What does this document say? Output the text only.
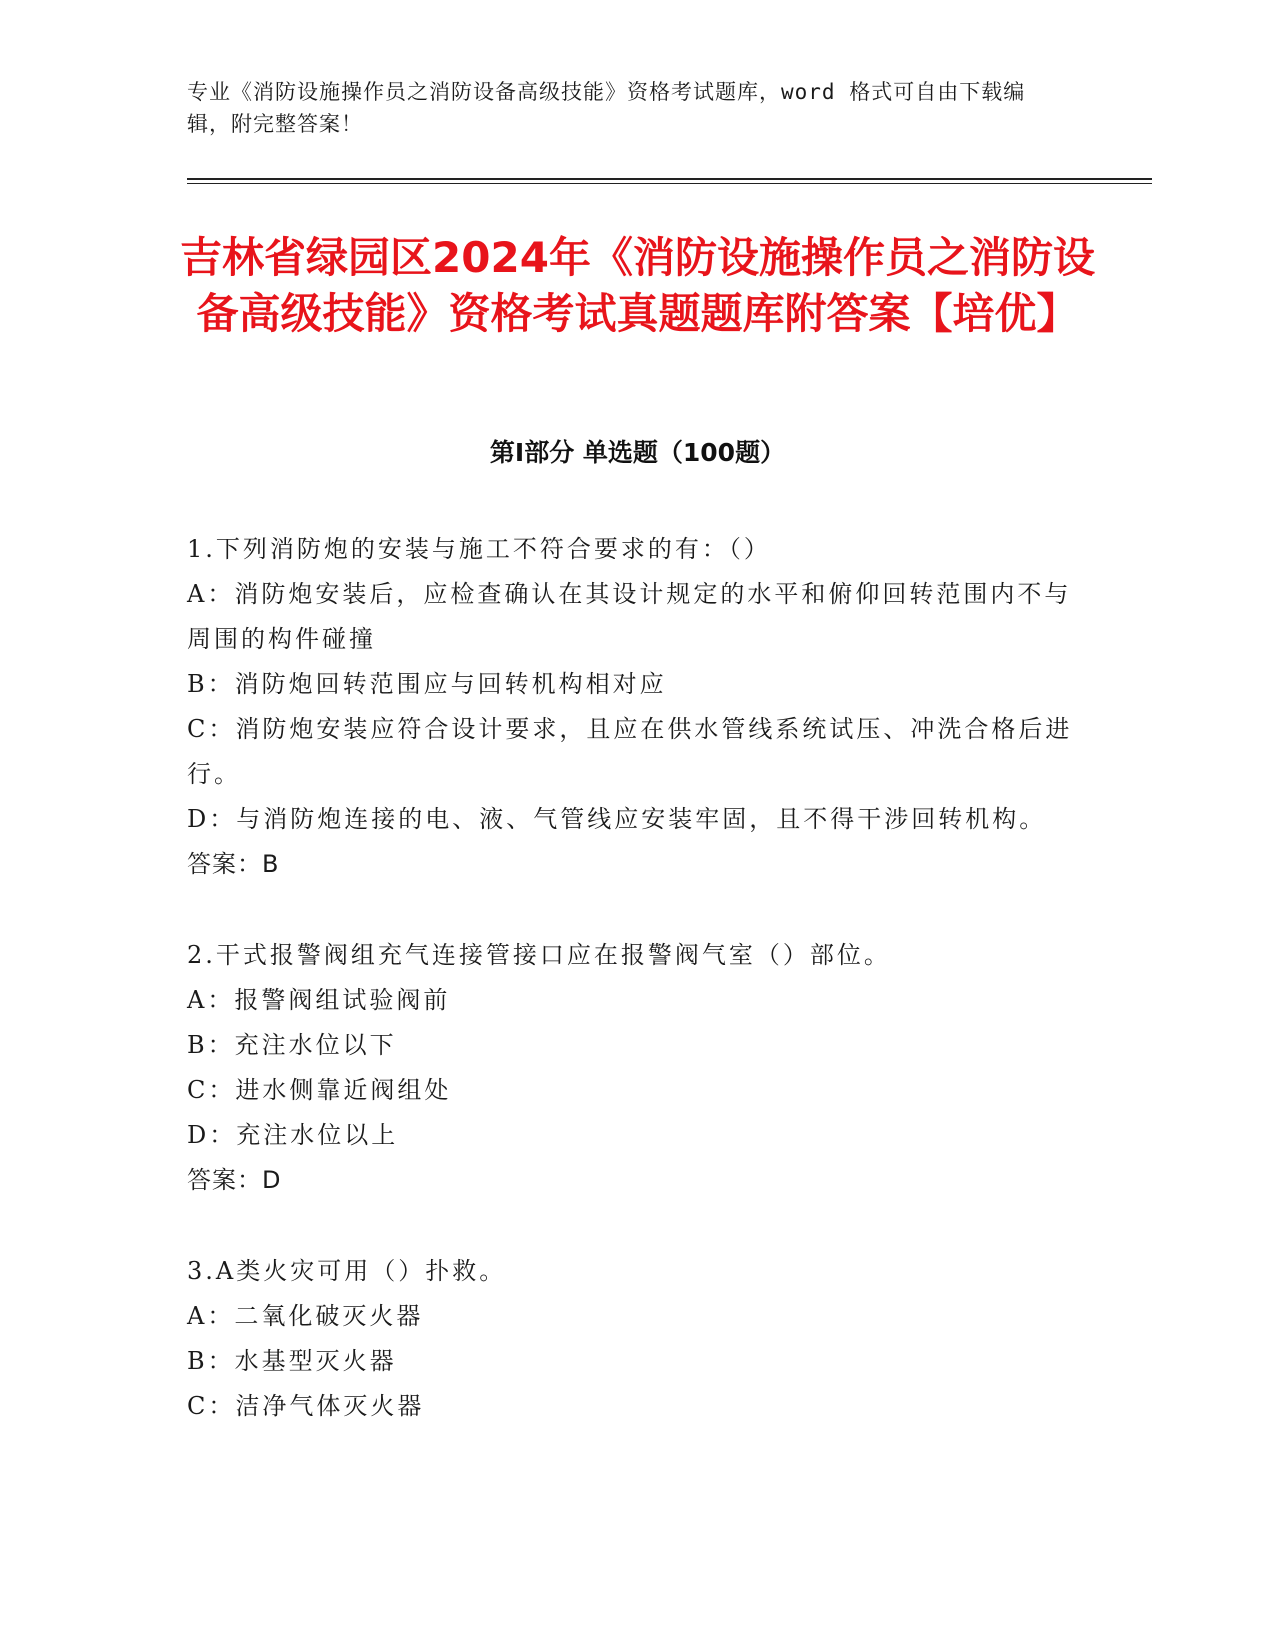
专业《消防设施操作员之消防设备高级技能》资格考试题库，word 格式可自由下载编辑，附完整答案！
吉林省绿园区2024年《消防设施操作员之消防设备高级技能》资格考试真题题库附答案【培优】
第I部分 单选题（100题）

1.下列消防炮的安装与施工不符合要求的有：（）

A：消防炮安装后，应检查确认在其设计规定的水平和俯仰回转范围内不与周围的构件碰撞

B：消防炮回转范围应与回转机构相对应

C：消防炮安装应符合设计要求，且应在供水管线系统试压、冲洗合格后进行。

D：与消防炮连接的电、液、气管线应安装牢固，且不得干涉回转机构。

答案：B

2.干式报警阀组充气连接管接口应在报警阀气室（）部位。

A：报警阀组试验阀前

B：充注水位以下

C：进水侧靠近阀组处

D：充注水位以上

答案：D

3.A类火灾可用（）扑救。

A：二氧化破灭火器

B：水基型灭火器

C：洁净气体灭火器
